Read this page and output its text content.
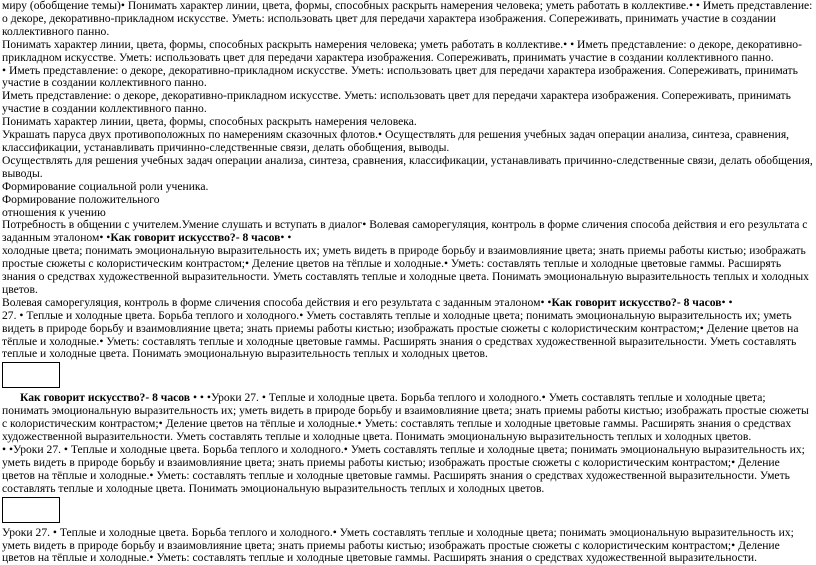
миру (обобщение темы)• Понимать характер линии, цвета, формы, способных раскрыть намерения человека; уметь работать в коллективе.• • Иметь представление: о декоре, декоративно-прикладном искусстве. Уметь: использовать цвет для передачи характера изображения. Сопереживать, принимать участие в создании коллективного панно.

Понимать характер линии, цвета, формы, способных раскрыть намерения человека; уметь работать в коллективе.• • Иметь представление: о декоре, декоративно-прикладном искусстве. Уметь: использовать цвет для передачи характера изображения. Сопереживать, принимать участие в создании коллективного панно.

• Иметь представление: о декоре, декоративно-прикладном искусстве. Уметь: использовать цвет для передачи характера изображения. Сопереживать, принимать участие в создании коллективного панно.

Иметь представление: о декоре, декоративно-прикладном искусстве. Уметь: использовать цвет для передачи характера изображения. Сопереживать, принимать участие в создании коллективного панно.

Понимать характер линии, цвета, формы, способных раскрыть намерения человека.

Украшать паруса двух противоположных по намерениям сказочных флотов.• Осуществлять для решения учебных задач операции анализа, синтеза, сравнения, классификации, устанавливать причинно-следственные связи, делать обобщения, выводы.

Осуществлять для решения учебных задач операции анализа, синтеза, сравнения, классификации, устанавливать причинно-следственные связи, делать обобщения, выводы.

Формирование социальной роли ученика.

Формирование положительного

отношения к учению

Потребность в общении с учителем.Умение слушать и вступать в диалог• Волевая саморегуляция, контроль в форме сличения способа действия и его результата с заданным эталоном• •Как говорит искусство?- 8 часов• •

холодные цвета; понимать эмоциональную выразительность их; уметь видеть в природе борьбу и взаимовлияние цвета; знать приемы работы кистью; изображать простые сюжеты с колористическим контрастом;• Деление цветов на тёплые и холодные.• Уметь: составлять теплые и холодные цветовые гаммы. Расширять знания о средствах художественной выразительности. Уметь составлять теплые и холодные цвета. Понимать эмоциональную выразительность теплых и холодных цветов.

Волевая саморегуляция, контроль в форме сличения способа действия и его результата с заданным эталоном• •Как говорит искусство?- 8 часов• •

27. • Теплые и холодные цвета. Борьба теплого и холодного.• Уметь составлять теплые и холодные цвета; понимать эмоциональную выразительность их; уметь видеть в природе борьбу и взаимовлияние цвета; знать приемы работы кистью; изображать простые сюжеты с колористическим контрастом;• Деление цветов на тёплые и холодные.• Уметь: составлять теплые и холодные цветовые гаммы. Расширять знания о средствах художественной выразительности. Уметь составлять теплые и холодные цвета. Понимать эмоциональную выразительность теплых и холодных цветов.

Как говорит искусство?- 8 часов • • •Уроки 27. • Теплые и холодные цвета. Борьба теплого и холодного.• Уметь составлять теплые и холодные цвета; понимать эмоциональную выразительность их; уметь видеть в природе борьбу и взаимовлияние цвета; знать приемы работы кистью; изображать простые сюжеты с колористическим контрастом;• Деление цветов на тёплые и холодные.• Уметь: составлять теплые и холодные цветовые гаммы. Расширять знания о средствах художественной выразительности. Уметь составлять теплые и холодные цвета. Понимать эмоциональную выразительность теплых и холодных цветов.

• •Уроки 27. • Теплые и холодные цвета. Борьба теплого и холодного.• Уметь составлять теплые и холодные цвета; понимать эмоциональную выразительность их; уметь видеть в природе борьбу и взаимовлияние цвета; знать приемы работы кистью; изображать простые сюжеты с колористическим контрастом;• Деление цветов на тёплые и холодные.• Уметь: составлять теплые и холодные цветовые гаммы. Расширять знания о средствах художественной выразительности. Уметь составлять теплые и холодные цвета. Понимать эмоциональную выразительность теплых и холодных цветов.

Уроки 27. • Теплые и холодные цвета. Борьба теплого и холодного.• Уметь составлять теплые и холодные цвета; понимать эмоциональную выразительность их; уметь видеть в природе борьбу и взаимовлияние цвета; знать приемы работы кистью; изображать простые сюжеты с колористическим контрастом;• Деление цветов на тёплые и холодные.• Уметь: составлять теплые и холодные цветовые гаммы. Расширять знания о средствах художественной выразительности.
